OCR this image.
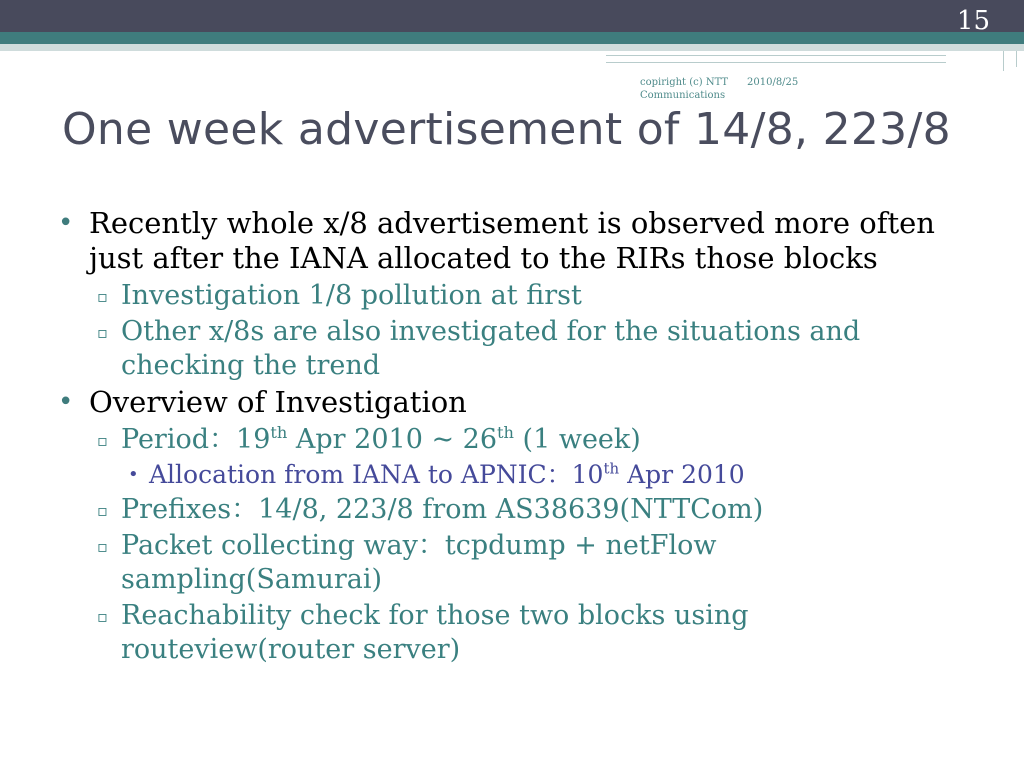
15
copiright (c) NTT Communications
2010/8/25
One week advertisement of 14/8, 223/8
• Recently whole x/8 advertisement is observed more often just after the IANA allocated to the RIRs those blocks
▫ Investigation 1/8 pollution at first
▫ Other x/8s are also investigated for the situations and checking the trend
• Overview of Investigation
▫ Period：19th Apr 2010 ~ 26th (1 week)
• Allocation from IANA to APNIC：10th Apr 2010
▫ Prefixes：14/8, 223/8 from AS38639(NTTCom)
▫ Packet collecting way：tcpdump + netFlow sampling(Samurai)
▫ Reachability check for those two blocks using routeview(router server)
